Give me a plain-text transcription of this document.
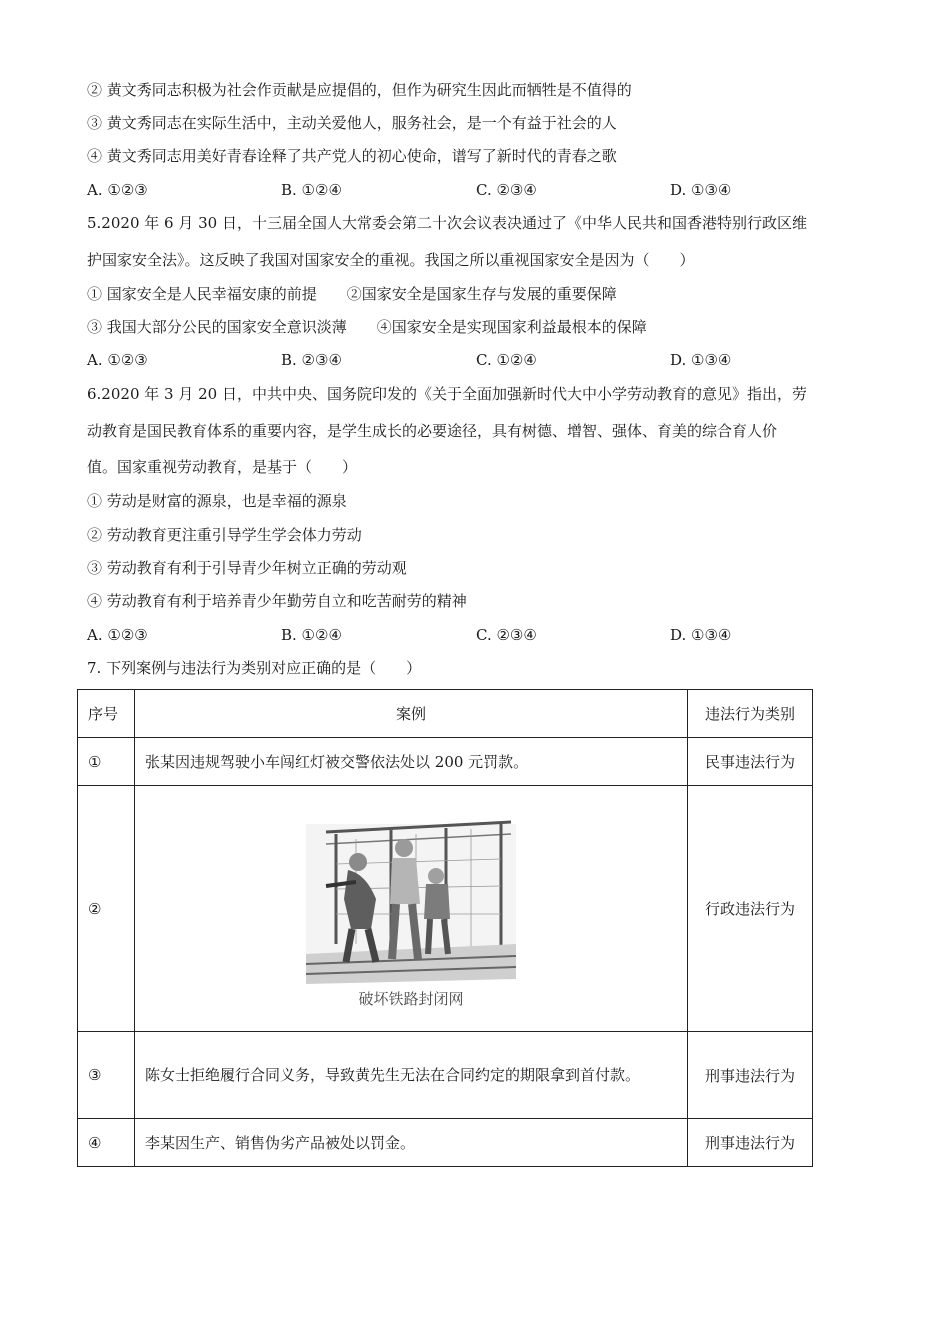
② 黄文秀同志积极为社会作贡献是应提倡的，但作为研究生因此而牺牲是不值得的
③ 黄文秀同志在实际生活中，主动关爱他人，服务社会，是一个有益于社会的人
④ 黄文秀同志用美好青春诠释了共产党人的初心使命，谱写了新时代的青春之歌
A. ①②③	B. ①②④	C. ②③④	D. ①③④
5.2020 年 6 月 30 日，十三届全国人大常委会第二十次会议表决通过了《中华人民共和国香港特别行政区维
护国家安全法》。这反映了我国对国家安全的重视。我国之所以重视国家安全是因为（　　）
① 国家安全是人民幸福安康的前提　　②国家安全是国家生存与发展的重要保障
③ 我国大部分公民的国家安全意识淡薄　　④国家安全是实现国家利益最根本的保障
A. ①②③	B. ②③④	C. ①②④	D. ①③④
6.2020 年 3 月 20 日，中共中央、国务院印发的《关于全面加强新时代大中小学劳动教育的意见》指出，劳
动教育是国民教育体系的重要内容，是学生成长的必要途径，具有树德、增智、强体、育美的综合育人价
值。国家重视劳动教育，是基于（　　）
① 劳动是财富的源泉，也是幸福的源泉
② 劳动教育更注重引导学生学会体力劳动
③ 劳动教育有利于引导青少年树立正确的劳动观
④ 劳动教育有利于培养青少年勤劳自立和吃苦耐劳的精神
A. ①②③	B. ①②④	C. ②③④	D. ①③④
7. 下列案例与违法行为类别对应正确的是（　　）
序号	案例	违法行为类别
①	张某因违规驾驶小车闯红灯被交警依法处以 200 元罚款。	民事违法行为
②	破坏铁路封闭网	行政违法行为
③	陈女士拒绝履行合同义务，导致黄先生无法在合同约定的期限拿到首付款。	刑事违法行为
④	李某因生产、销售伪劣产品被处以罚金。	刑事违法行为
